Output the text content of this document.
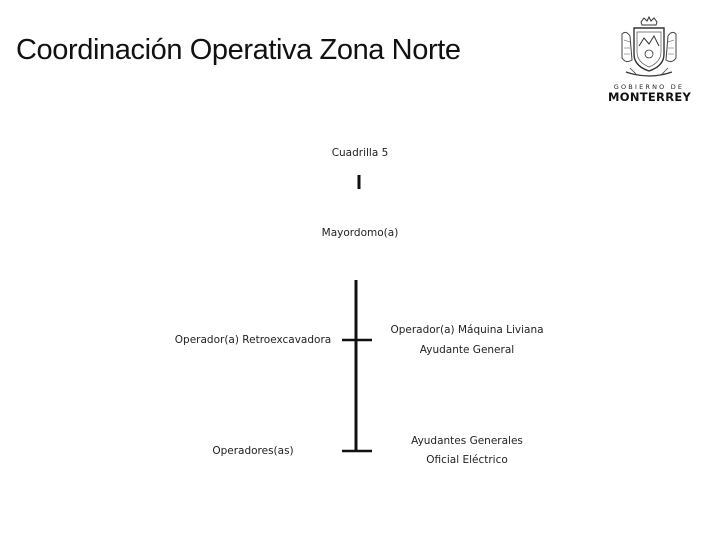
Coordinación Operativa Zona Norte
GOBIERNO DE
MONTERREY
Cuadrilla 5
Mayordomo(a)
Operador(a) Retroexcavadora
Operadores(as)
Operador(a) Máquina Liviana
Ayudante General
Ayudantes Generales
Oficial Eléctrico
